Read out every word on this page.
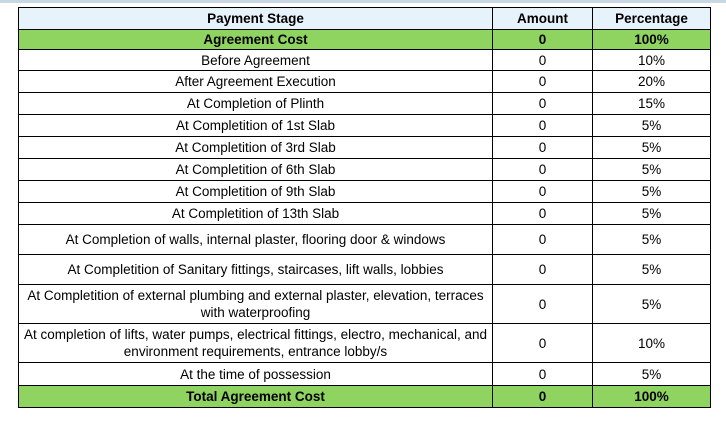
Payment Stage	Amount	Percentage
Agreement Cost	0	100%
Before Agreement	0	10%
After Agreement Execution	0	20%
At Completion of Plinth	0	15%
At Completition of 1st Slab	0	5%
At Completition of 3rd Slab	0	5%
At Completition of 6th Slab	0	5%
At Completition of 9th Slab	0	5%
At Completition of 13th Slab	0	5%
At Completion of walls, internal plaster, flooring door & windows	0	5%
At Completition of Sanitary fittings, staircases, lift walls, lobbies	0	5%
At Completition of external plumbing and external plaster, elevation, terraces with waterproofing	0	5%
At completion of lifts, water pumps, electrical fittings, electro, mechanical, and environment requirements, entrance lobby/s	0	10%
At the time of possession	0	5%
Total Agreement Cost	0	100%
